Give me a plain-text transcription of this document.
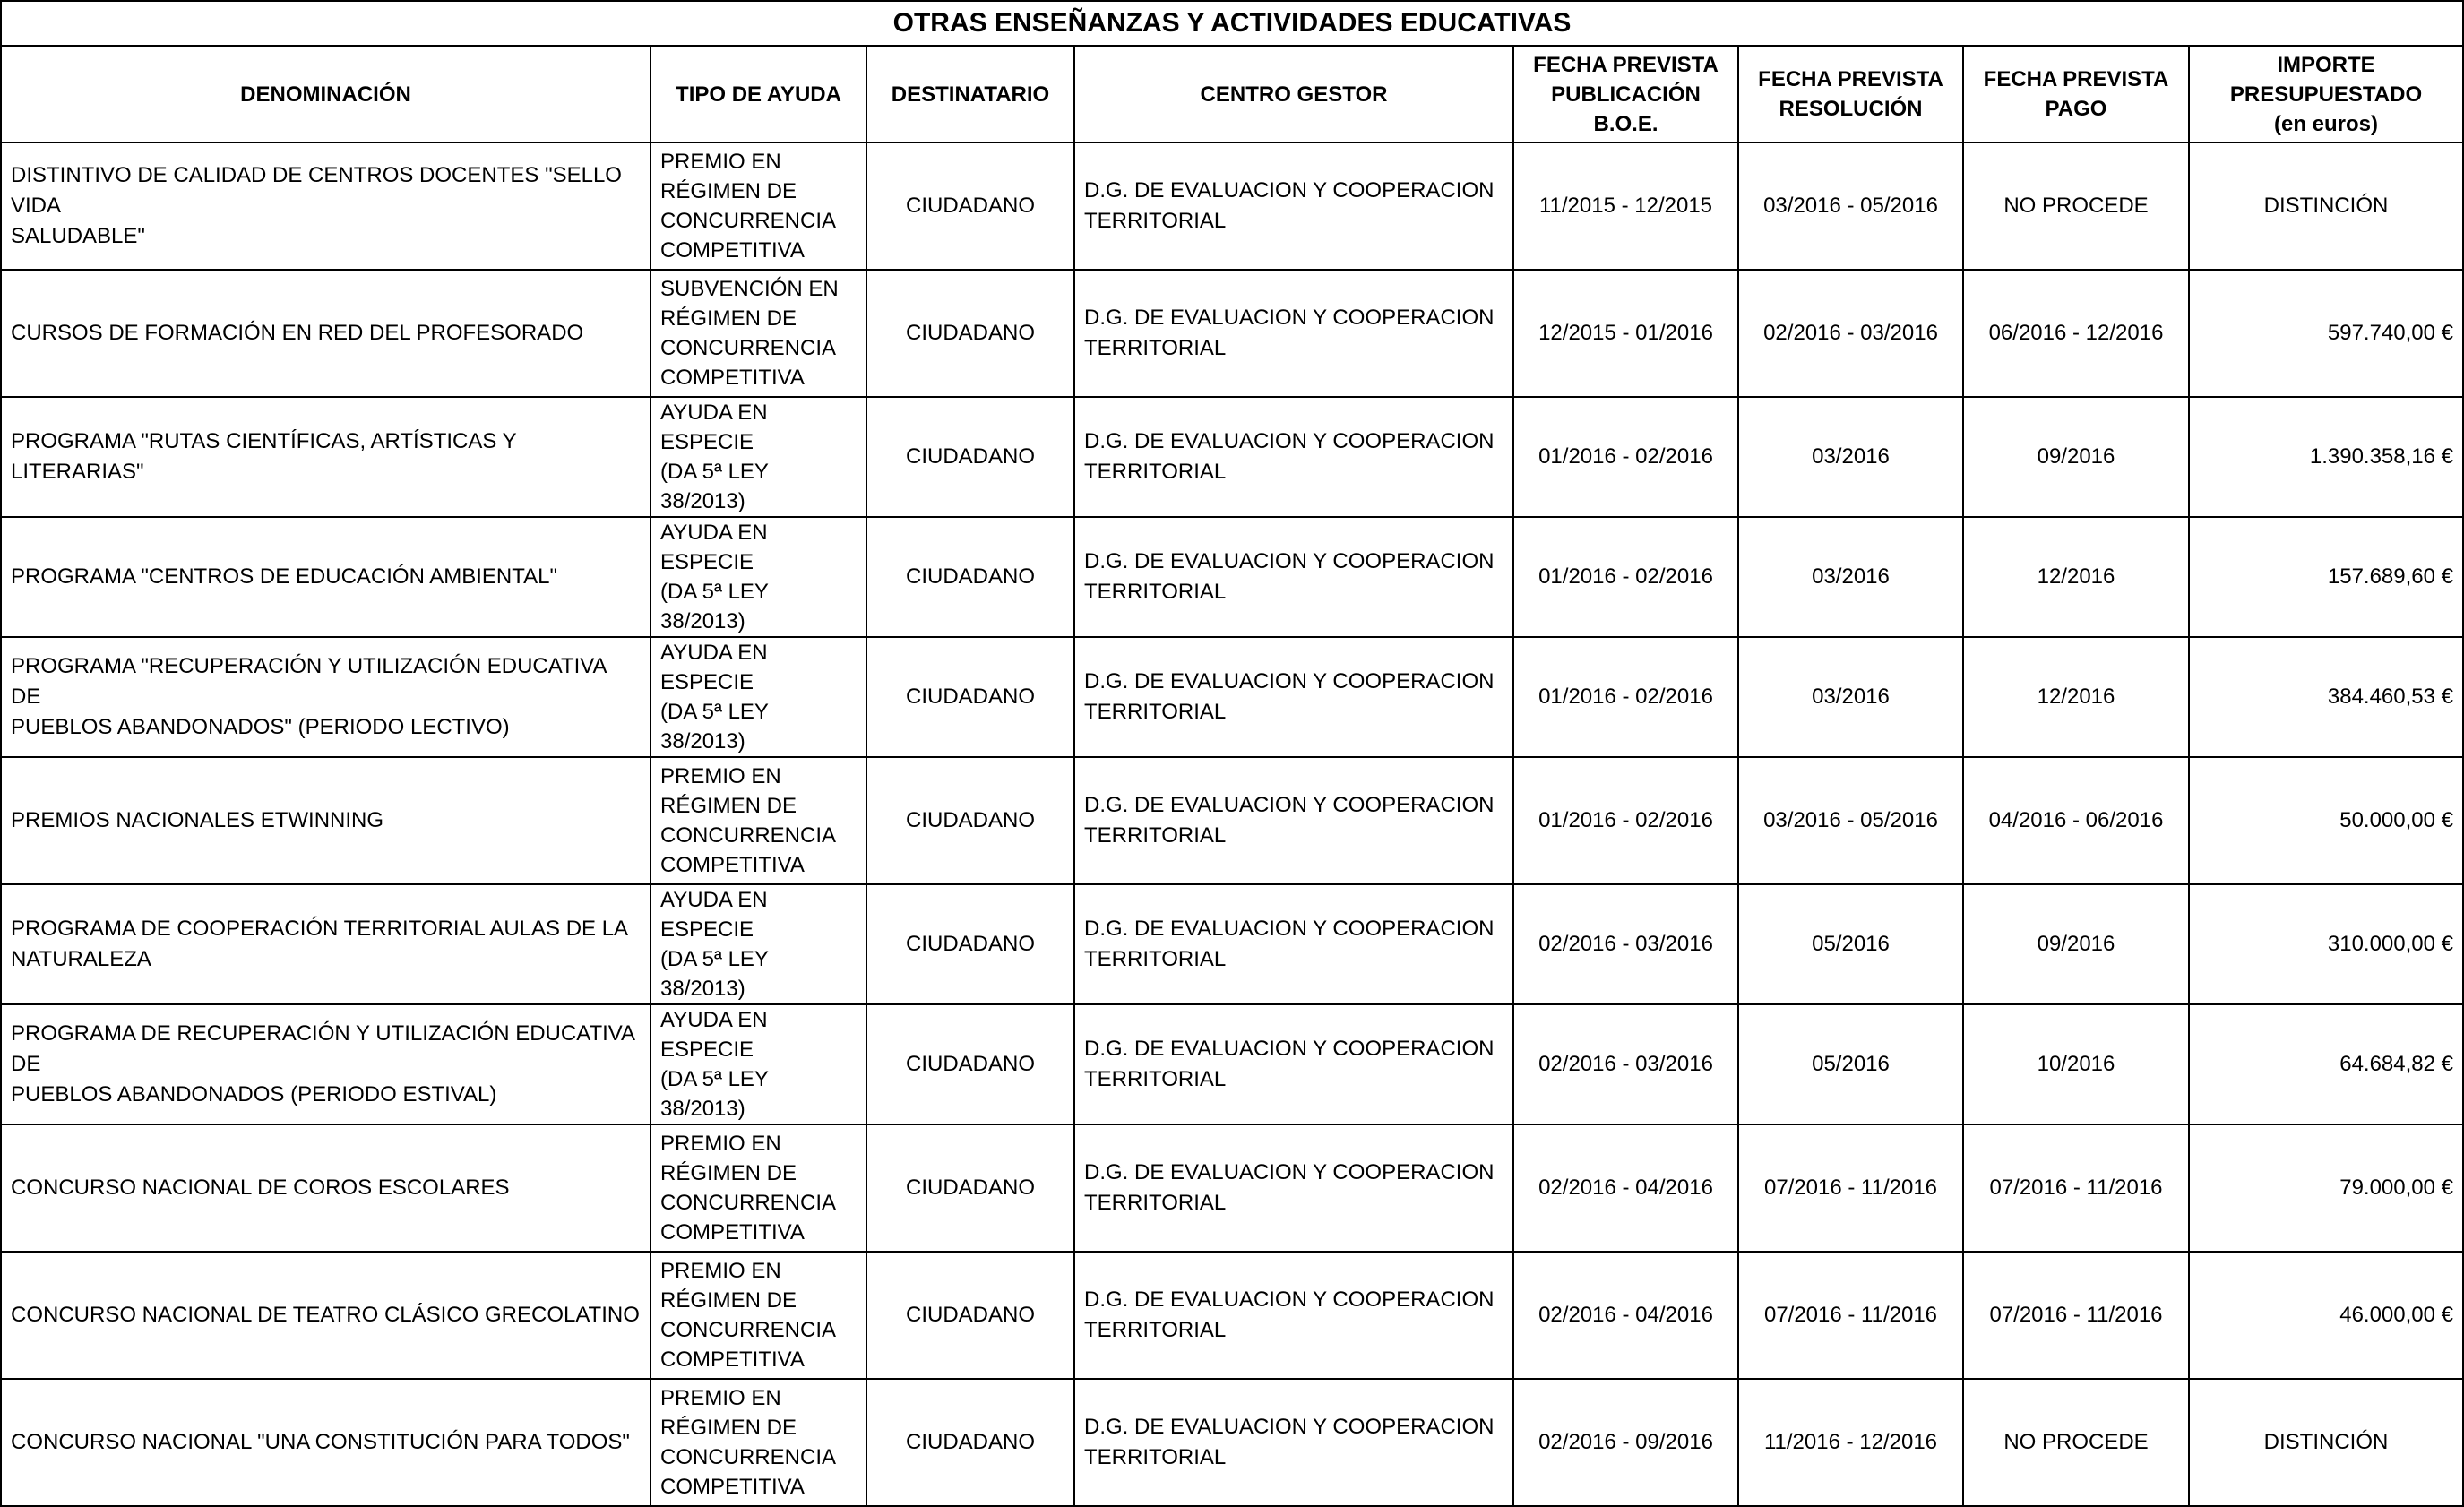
OTRAS ENSEÑANZAS Y ACTIVIDADES EDUCATIVAS							
DENOMINACIÓN	TIPO DE AYUDA	DESTINATARIO	CENTRO GESTOR	FECHA PREVISTA
PUBLICACIÓN
B.O.E.	FECHA PREVISTA
RESOLUCIÓN	FECHA PREVISTA
PAGO	IMPORTE
PRESUPUESTADO
(en euros)
DISTINTIVO DE CALIDAD DE CENTROS DOCENTES "SELLO VIDA
SALUDABLE"	PREMIO EN
RÉGIMEN DE
CONCURRENCIA
COMPETITIVA	CIUDADANO	D.G. DE EVALUACION Y COOPERACION
TERRITORIAL	11/2015 - 12/2015	03/2016 - 05/2016	NO PROCEDE	DISTINCIÓN
CURSOS DE FORMACIÓN EN RED DEL PROFESORADO	SUBVENCIÓN EN
RÉGIMEN DE
CONCURRENCIA
COMPETITIVA	CIUDADANO	D.G. DE EVALUACION Y COOPERACION
TERRITORIAL	12/2015 - 01/2016	02/2016 - 03/2016	06/2016 - 12/2016	597.740,00 €
PROGRAMA "RUTAS CIENTÍFICAS, ARTÍSTICAS Y LITERARIAS"	AYUDA EN ESPECIE
(DA 5ª LEY
38/2013)	CIUDADANO	D.G. DE EVALUACION Y COOPERACION
TERRITORIAL	01/2016 - 02/2016	03/2016	09/2016	1.390.358,16 €
PROGRAMA "CENTROS DE EDUCACIÓN AMBIENTAL"	AYUDA EN ESPECIE
(DA 5ª LEY
38/2013)	CIUDADANO	D.G. DE EVALUACION Y COOPERACION
TERRITORIAL	01/2016 - 02/2016	03/2016	12/2016	157.689,60 €
PROGRAMA "RECUPERACIÓN Y UTILIZACIÓN EDUCATIVA DE
PUEBLOS ABANDONADOS" (PERIODO LECTIVO)	AYUDA EN ESPECIE
(DA 5ª LEY
38/2013)	CIUDADANO	D.G. DE EVALUACION Y COOPERACION
TERRITORIAL	01/2016 - 02/2016	03/2016	12/2016	384.460,53 €
PREMIOS NACIONALES ETWINNING	PREMIO EN
RÉGIMEN DE
CONCURRENCIA
COMPETITIVA	CIUDADANO	D.G. DE EVALUACION Y COOPERACION
TERRITORIAL	01/2016 - 02/2016	03/2016 - 05/2016	04/2016 - 06/2016	50.000,00 €
PROGRAMA DE COOPERACIÓN TERRITORIAL AULAS DE LA
NATURALEZA	AYUDA EN ESPECIE
(DA 5ª LEY
38/2013)	CIUDADANO	D.G. DE EVALUACION Y COOPERACION
TERRITORIAL	02/2016 - 03/2016	05/2016	09/2016	310.000,00 €
PROGRAMA DE RECUPERACIÓN Y UTILIZACIÓN EDUCATIVA DE
PUEBLOS ABANDONADOS (PERIODO ESTIVAL)	AYUDA EN ESPECIE
(DA 5ª LEY
38/2013)	CIUDADANO	D.G. DE EVALUACION Y COOPERACION
TERRITORIAL	02/2016 - 03/2016	05/2016	10/2016	64.684,82 €
CONCURSO NACIONAL DE COROS ESCOLARES	PREMIO EN
RÉGIMEN DE
CONCURRENCIA
COMPETITIVA	CIUDADANO	D.G. DE EVALUACION Y COOPERACION
TERRITORIAL	02/2016 - 04/2016	07/2016 - 11/2016	07/2016 - 11/2016	79.000,00 €
CONCURSO NACIONAL DE TEATRO CLÁSICO GRECOLATINO	PREMIO EN
RÉGIMEN DE
CONCURRENCIA
COMPETITIVA	CIUDADANO	D.G. DE EVALUACION Y COOPERACION
TERRITORIAL	02/2016 - 04/2016	07/2016 - 11/2016	07/2016 - 11/2016	46.000,00 €
CONCURSO NACIONAL "UNA CONSTITUCIÓN PARA TODOS"	PREMIO EN
RÉGIMEN DE
CONCURRENCIA
COMPETITIVA	CIUDADANO	D.G. DE EVALUACION Y COOPERACION
TERRITORIAL	02/2016 - 09/2016	11/2016 - 12/2016	NO PROCEDE	DISTINCIÓN
